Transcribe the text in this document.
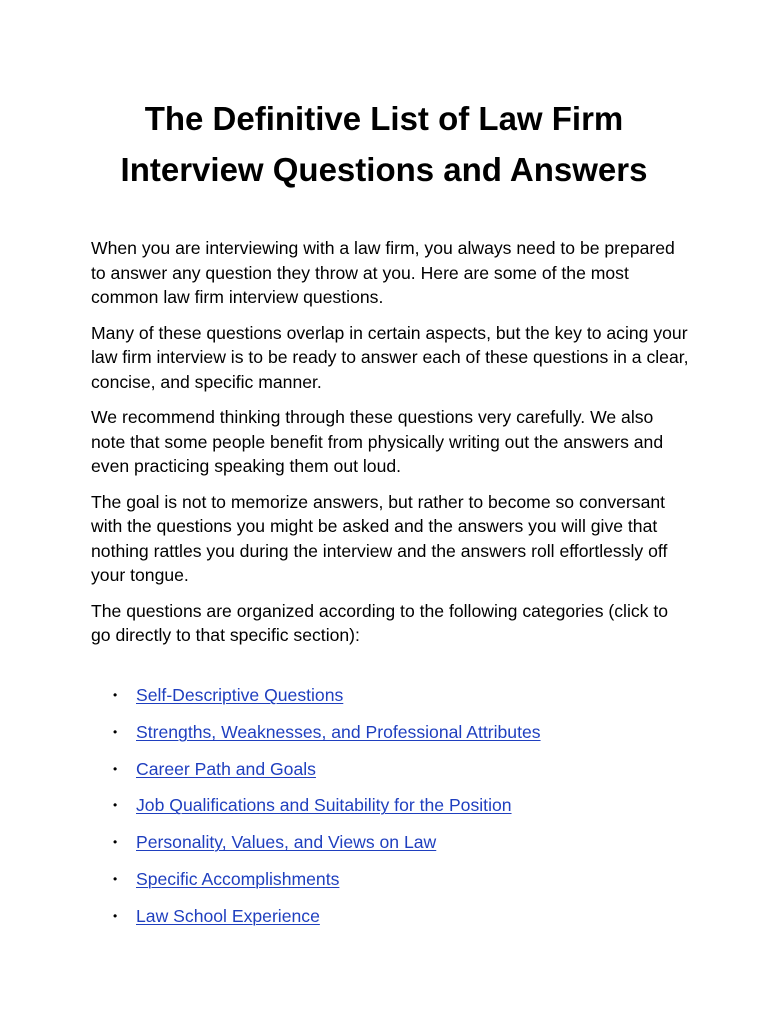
The Definitive List of Law Firm
Interview Questions and Answers

When you are interviewing with a law firm, you always need to be prepared to answer any question they throw at you. Here are some of the most common law firm interview questions.

Many of these questions overlap in certain aspects, but the key to acing your law firm interview is to be ready to answer each of these questions in a clear, concise, and specific manner.

We recommend thinking through these questions very carefully. We also note that some people benefit from physically writing out the answers and even practicing speaking them out loud.

The goal is not to memorize answers, but rather to become so conversant with the questions you might be asked and the answers you will give that nothing rattles you during the interview and the answers roll effortlessly off your tongue.

The questions are organized according to the following categories (click to go directly to that specific section):

• Self-Descriptive Questions
• Strengths, Weaknesses, and Professional Attributes
• Career Path and Goals
• Job Qualifications and Suitability for the Position
• Personality, Values, and Views on Law
• Specific Accomplishments
• Law School Experience
